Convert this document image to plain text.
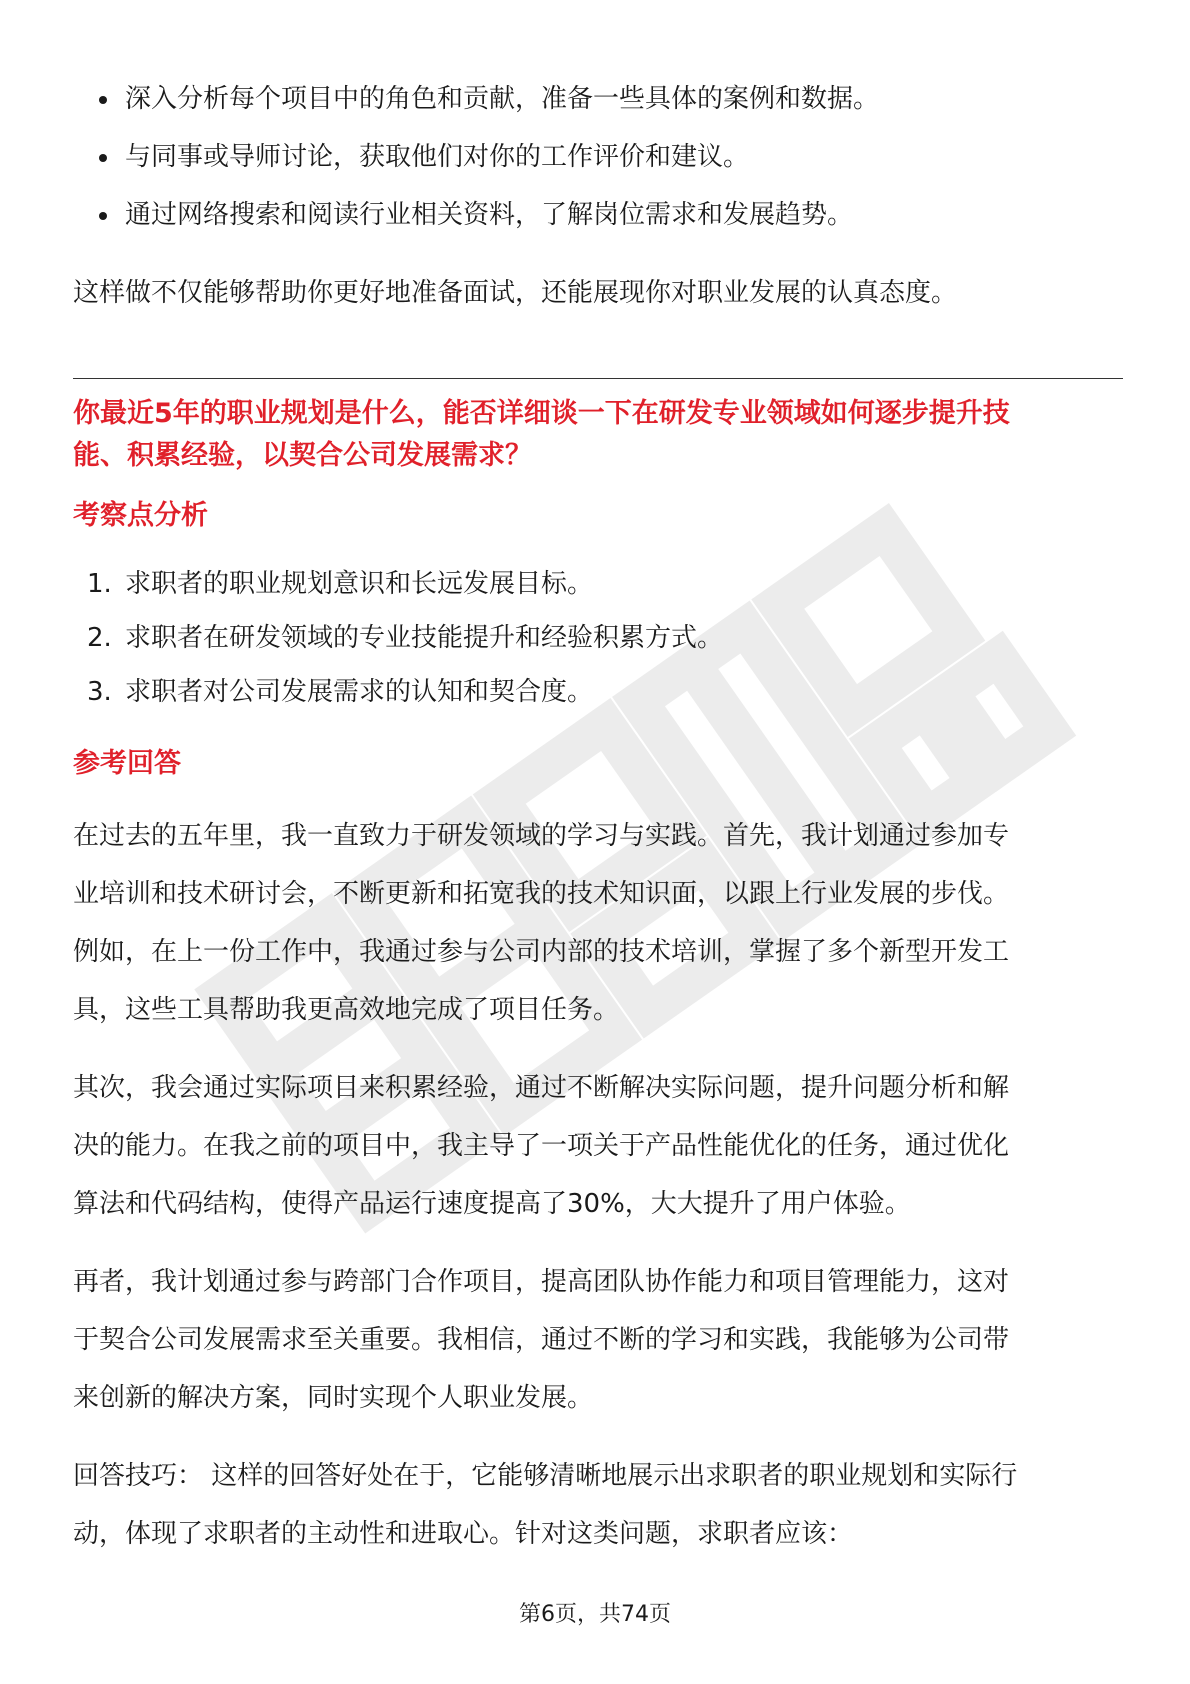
深入分析每个项目中的角色和贡献，准备一些具体的案例和数据。
与同事或导师讨论，获取他们对你的工作评价和建议。
通过网络搜索和阅读行业相关资料，了解岗位需求和发展趋势。

这样做不仅能够帮助你更好地准备面试，还能展现你对职业发展的认真态度。

你最近5年的职业规划是什么，能否详细谈一下在研发专业领域如何逐步提升技
能、积累经验，以契合公司发展需求？

考察点分析

1. 求职者的职业规划意识和长远发展目标。
2. 求职者在研发领域的专业技能提升和经验积累方式。
3. 求职者对公司发展需求的认知和契合度。

参考回答

在过去的五年里，我一直致力于研发领域的学习与实践。首先，我计划通过参加专

业培训和技术研讨会，不断更新和拓宽我的技术知识面，以跟上行业发展的步伐。

例如，在上一份工作中，我通过参与公司内部的技术培训，掌握了多个新型开发工

具，这些工具帮助我更高效地完成了项目任务。

其次，我会通过实际项目来积累经验，通过不断解决实际问题，提升问题分析和解

决的能力。在我之前的项目中，我主导了一项关于产品性能优化的任务，通过优化

算法和代码结构，使得产品运行速度提高了30%，大大提升了用户体验。

再者，我计划通过参与跨部门合作项目，提高团队协作能力和项目管理能力，这对

于契合公司发展需求至关重要。我相信，通过不断的学习和实践，我能够为公司带

来创新的解决方案，同时实现个人职业发展。

回答技巧： 这样的回答好处在于，它能够清晰地展示出求职者的职业规划和实际行

动，体现了求职者的主动性和进取心。针对这类问题，求职者应该：

第6页，共74页
